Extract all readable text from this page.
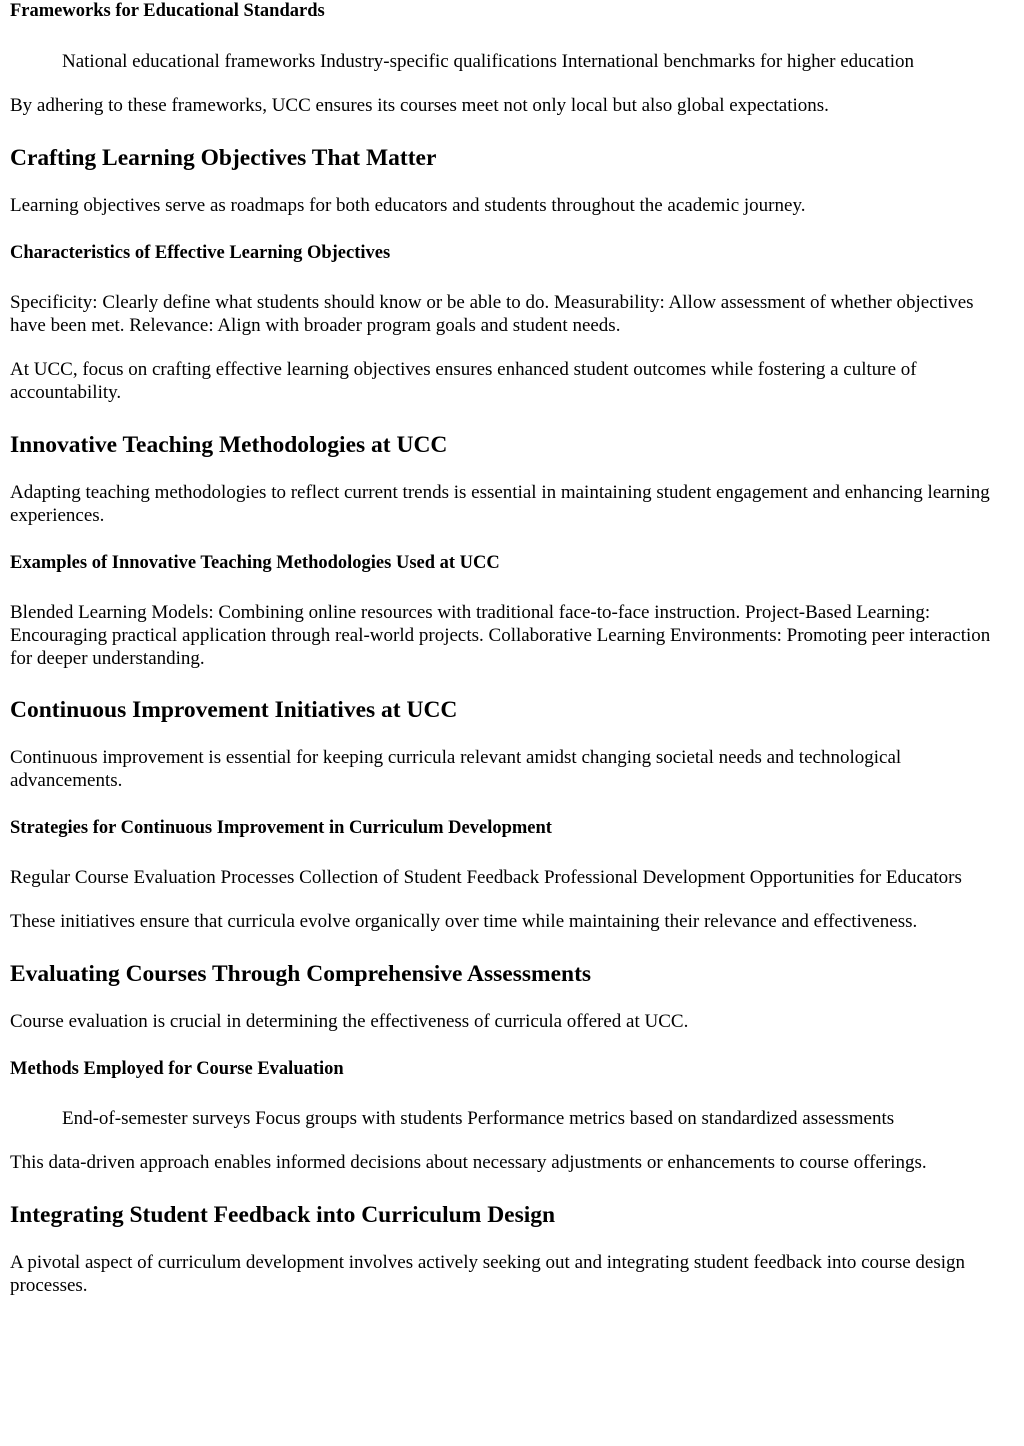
Frameworks for Educational Standards
National educational frameworks Industry-specific qualifications International benchmarks for higher education
By adhering to these frameworks, UCC ensures its courses meet not only local but also global expectations.
Crafting Learning Objectives That Matter
Learning objectives serve as roadmaps for both educators and students throughout the academic journey.
Characteristics of Effective Learning Objectives
Specificity: Clearly define what students should know or be able to do. Measurability: Allow assessment of whether objectives have been met. Relevance: Align with broader program goals and student needs.
At UCC, focus on crafting effective learning objectives ensures enhanced student outcomes while fostering a culture of accountability.
Innovative Teaching Methodologies at UCC
Adapting teaching methodologies to reflect current trends is essential in maintaining student engagement and enhancing learning experiences.
Examples of Innovative Teaching Methodologies Used at UCC
Blended Learning Models: Combining online resources with traditional face-to-face instruction. Project-Based Learning: Encouraging practical application through real-world projects. Collaborative Learning Environments: Promoting peer interaction for deeper understanding.
Continuous Improvement Initiatives at UCC
Continuous improvement is essential for keeping curricula relevant amidst changing societal needs and technological advancements.
Strategies for Continuous Improvement in Curriculum Development
Regular Course Evaluation Processes Collection of Student Feedback Professional Development Opportunities for Educators
These initiatives ensure that curricula evolve organically over time while maintaining their relevance and effectiveness.
Evaluating Courses Through Comprehensive Assessments
Course evaluation is crucial in determining the effectiveness of curricula offered at UCC.
Methods Employed for Course Evaluation
End-of-semester surveys Focus groups with students Performance metrics based on standardized assessments
This data-driven approach enables informed decisions about necessary adjustments or enhancements to course offerings.
Integrating Student Feedback into Curriculum Design
A pivotal aspect of curriculum development involves actively seeking out and integrating student feedback into course design processes.
